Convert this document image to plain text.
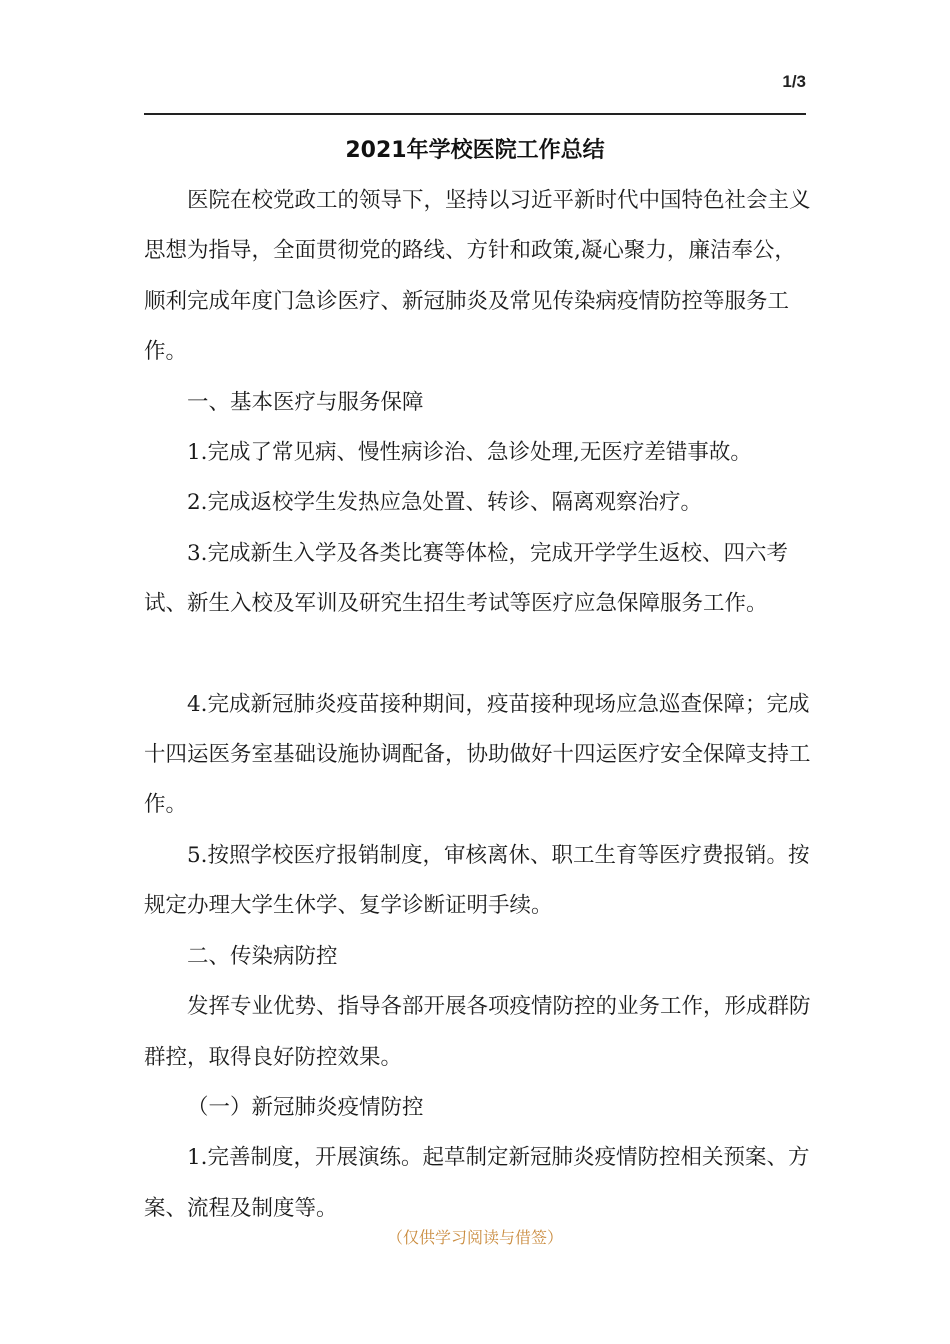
1/3
2021年学校医院工作总结

医院在校党政工的领导下，坚持以习近平新时代中国特色社会主义思想为指导，全面贯彻党的路线、方针和政策,凝心聚力，廉洁奉公，顺利完成年度门急诊医疗、新冠肺炎及常见传染病疫情防控等服务工作。

一、基本医疗与服务保障

1.完成了常见病、慢性病诊治、急诊处理,无医疗差错事故。

2.完成返校学生发热应急处置、转诊、隔离观察治疗。

3.完成新生入学及各类比赛等体检，完成开学学生返校、四六考试、新生入校及军训及研究生招生考试等医疗应急保障服务工作。

4.完成新冠肺炎疫苗接种期间，疫苗接种现场应急巡查保障；完成十四运医务室基础设施协调配备，协助做好十四运医疗安全保障支持工作。

5.按照学校医疗报销制度，审核离休、职工生育等医疗费报销。按规定办理大学生休学、复学诊断证明手续。

二、传染病防控

发挥专业优势、指导各部开展各项疫情防控的业务工作，形成群防群控，取得良好防控效果。

（一）新冠肺炎疫情防控

1.完善制度，开展演练。起草制定新冠肺炎疫情防控相关预案、方案、流程及制度等。

（仅供学习阅读与借签）
